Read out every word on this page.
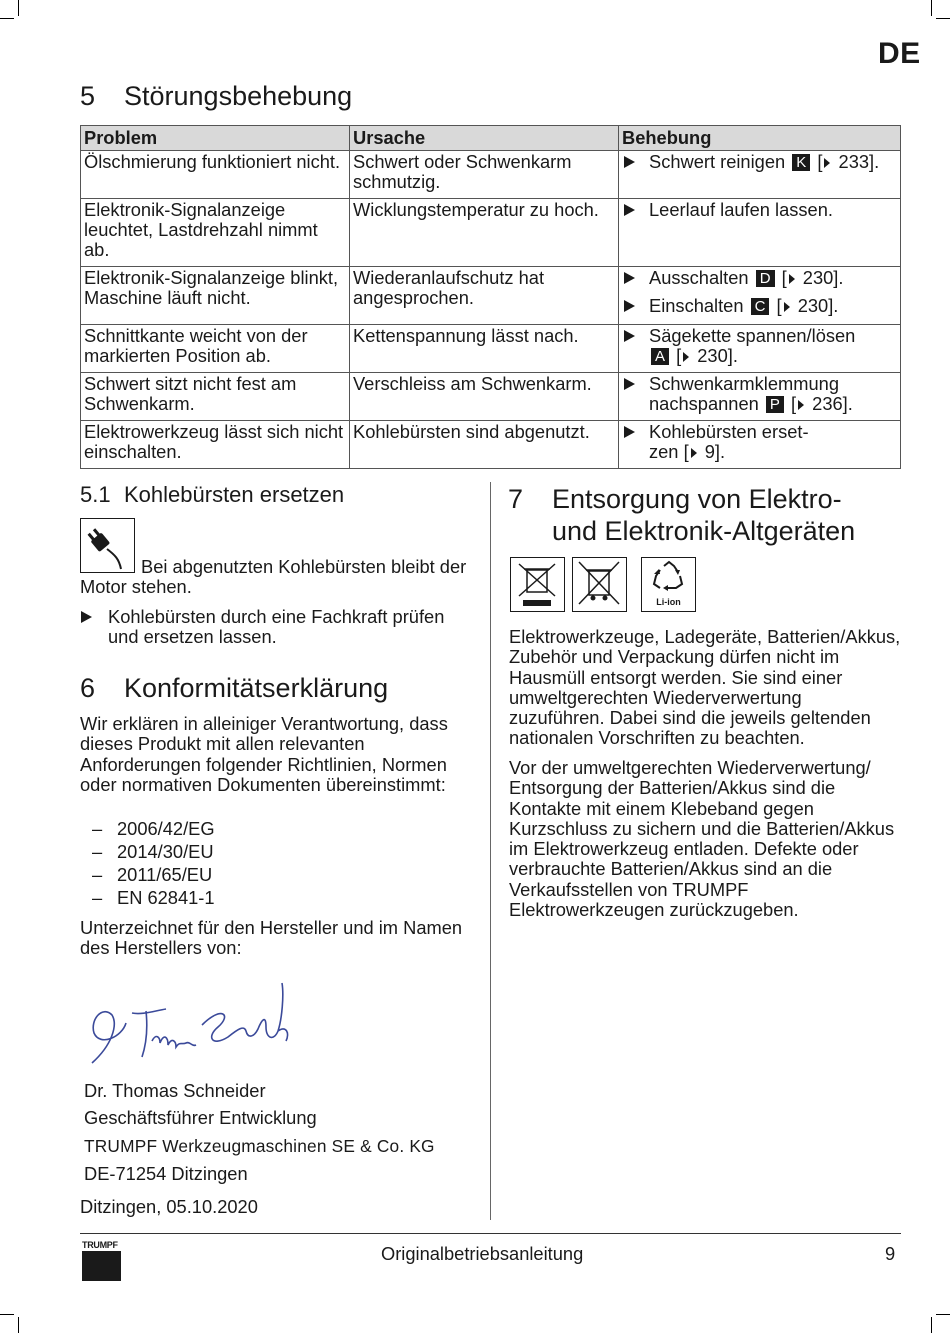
DE
5 Störungsbehebung
Problem	Ursache	Behebung
Ölschmierung funktioniert nicht.	Schwert oder Schwenkarm schmutzig.	Schwert reinigen K [ 233].

Elektronik-Signalanzeige leuchtet, Lastdrehzahl nimmt ab.	Wicklungstemperatur zu hoch.	Leerlauf laufen lassen.

Elektronik-Signalanzeige blinkt, Maschine läuft nicht.	Wiederanlaufschutz hat angesprochen.	Ausschalten D [ 230].
Einschalten C [ 230].

Schnittkante weicht von der markierten Position ab.	Kettenspannung lässt nach.	Sägekette spannen/lösen
A [ 230].

Schwert sitzt nicht fest am Schwenkarm.	Verschleiss am Schwenkarm.	Schwenkarmklemmung nachspannen P [ 236].

Elektrowerkzeug lässt sich nicht einschalten.	Kohlebürsten sind abgenutzt.	Kohlebürsten erset-zen [ 9].
5.1 Kohlebürsten ersetzen
Bei abgenutzten Kohlebürsten bleibt der Motor stehen.
Kohlebürsten durch eine Fachkraft prüfen und ersetzen lassen.
6 Konformitätserklärung
Wir erklären in alleiniger Verantwortung, dass dieses Produkt mit allen relevanten Anforderungen folgender Richtlinien, Normen oder normativen Dokumenten übereinstimmt:
– 2006/42/EG
– 2014/30/EU
– 2011/65/EU
– EN 62841-1
Unterzeichnet für den Hersteller und im Namen des Herstellers von:
Dr. Thomas Schneider
Geschäftsführer Entwicklung
TRUMPF Werkzeugmaschinen SE & Co. KG
DE-71254 Ditzingen
Ditzingen, 05.10.2020
7 Entsorgung von Elektro-
und Elektronik-Altgeräten
Li-ion
Elektrowerkzeuge, Ladegeräte, Batterien/Akkus, Zubehör und Verpackung dürfen nicht im Hausmüll entsorgt werden. Sie sind einer umweltgerechten Wiederverwertung zuzuführen. Dabei sind die jeweils geltenden nationalen Vorschriften zu beachten.
Vor der umweltgerechten Wiederverwertung/ Entsorgung der Batterien/Akkus sind die Kontakte mit einem Klebeband gegen Kurzschluss zu sichern und die Batterien/Akkus im Elektrowerkzeug entladen. Defekte oder verbrauchte Batterien/Akkus sind an die Verkaufsstellen von TRUMPF Elektrowerkzeugen zurückzugeben.
TRUMPF	Originalbetriebsanleitung	9
